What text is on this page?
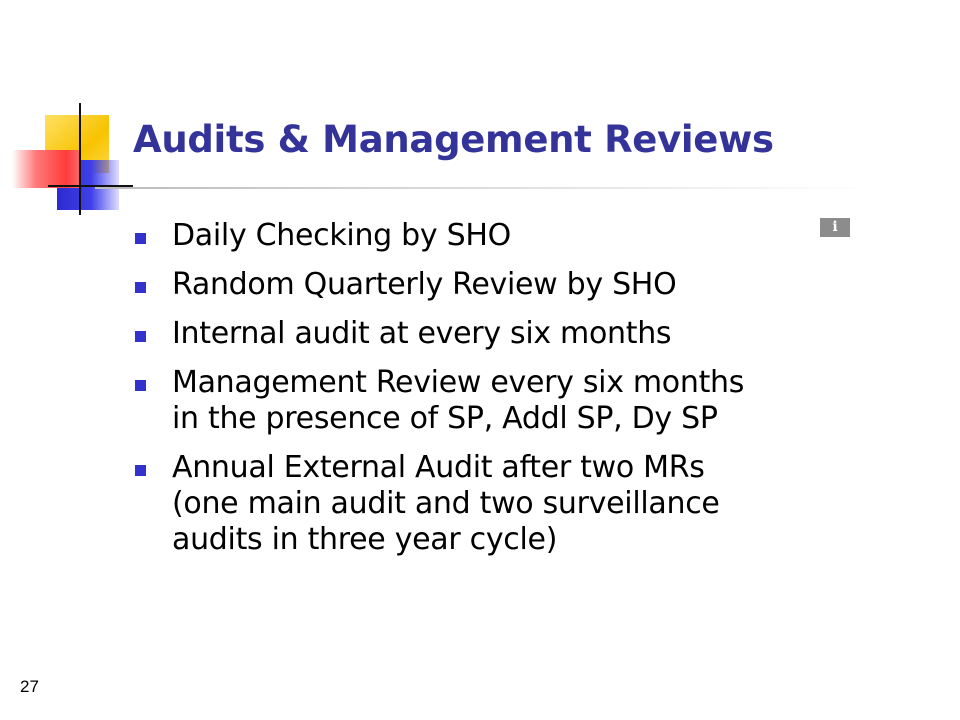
Audits & Management Reviews
i
Daily Checking by SHO
Random Quarterly Review by SHO
Internal audit at every six months
Management Review every six months
in the presence of SP, Addl SP, Dy SP
Annual External Audit after two MRs
(one main audit and two surveillance
audits in three year cycle)
27
